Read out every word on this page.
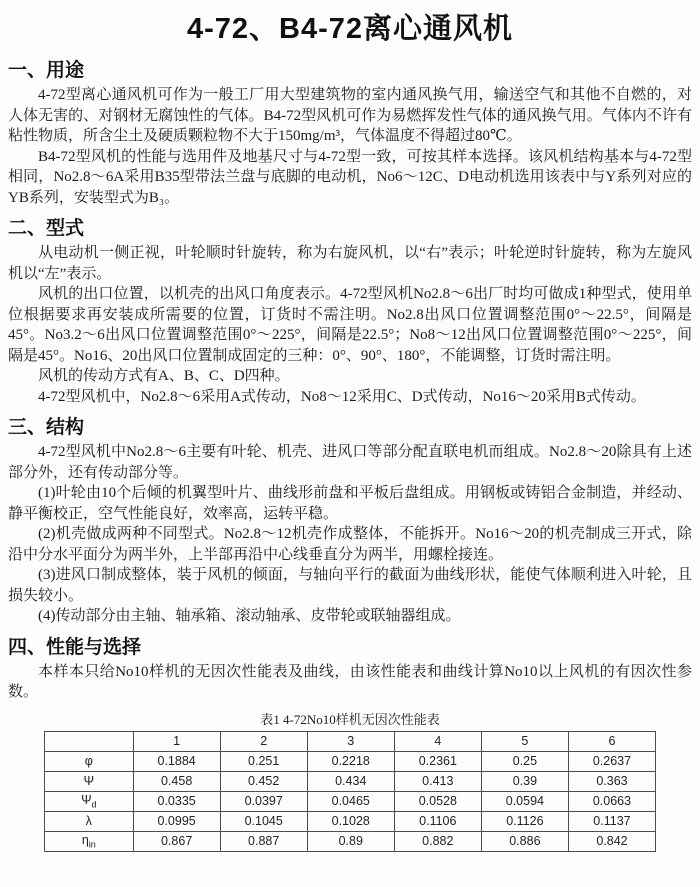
4-72、B4-72离心通风机
一、用途

4-72型离心通风机可作为一般工厂用大型建筑物的室内通风换气用，输送空气和其他不自燃的，对人体无害的、对钢材无腐蚀性的气体。B4-72型风机可作为易燃挥发性气体的通风换气用。气体内不许有粘性物质，所含尘土及硬质颗粒物不大于150mg/m³，气体温度不得超过80℃。

B4-72型风机的性能与选用件及地基尺寸与4-72型一致，可按其样本选择。该风机结构基本与4-72型相同，No2.8～6A采用B35型带法兰盘与底脚的电动机，No6～12C、D电动机选用该表中与Y系列对应的YB系列，安装型式为B₃。

二、型式

从电动机一侧正视，叶轮顺时针旋转，称为右旋风机，以“右”表示；叶轮逆时针旋转，称为左旋风机以“左”表示。

风机的出口位置，以机壳的出风口角度表示。4-72型风机No2.8～6出厂时均可做成1种型式，使用单位根据要求再安装成所需要的位置，订货时不需注明。No2.8出风口位置调整范围0°～22.5°，间隔是45°。No3.2～6出风口位置调整范围0°～225°，间隔是22.5°；No8～12出风口位置调整范围0°～225°，间隔是45°。No16、20出风口位置制成固定的三种：0°、90°、180°，不能调整，订货时需注明。

风机的传动方式有A、B、C、D四种。

4-72型风机中，No2.8～6采用A式传动，No8～12采用C、D式传动，No16～20采用B式传动。

三、结构

4-72型风机中No2.8～6主要有叶轮、机壳、进风口等部分配直联电机而组成。No2.8～20除具有上述部分外，还有传动部分等。

(1)叶轮由10个后倾的机翼型叶片、曲线形前盘和平板后盘组成。用钢板或铸铝合金制造，并经动、静平衡校正，空气性能良好，效率高，运转平稳。

(2)机壳做成两种不同型式。No2.8～12机壳作成整体，不能拆开。No16～20的机壳制成三开式，除沿中分水平面分为两半外，上半部再沿中心线垂直分为两半，用螺栓接连。

(3)进风口制成整体，装于风机的倾面，与轴向平行的截面为曲线形状，能使气体顺利进入叶轮，且损失较小。

(4)传动部分由主轴、轴承箱、滚动轴承、皮带轮或联轴器组成。

四、性能与选择

本样本只给No10样机的无因次性能表及曲线，由该性能表和曲线计算No10以上风机的有因次性参数。

表1 4-72No10样机无因次性能表
	1	2	3	4	5	6
φ	0.1884	0.251	0.2218	0.2361	0.25	0.2637
Ψ	0.458	0.452	0.434	0.413	0.39	0.363
$\Psi_d$	0.0335	0.0397	0.0465	0.0528	0.0594	0.0663
λ	0.0995	0.1045	0.1028	0.1106	0.1126	0.1137
$\eta_{in}$	0.867	0.887	0.89	0.882	0.886	0.842
